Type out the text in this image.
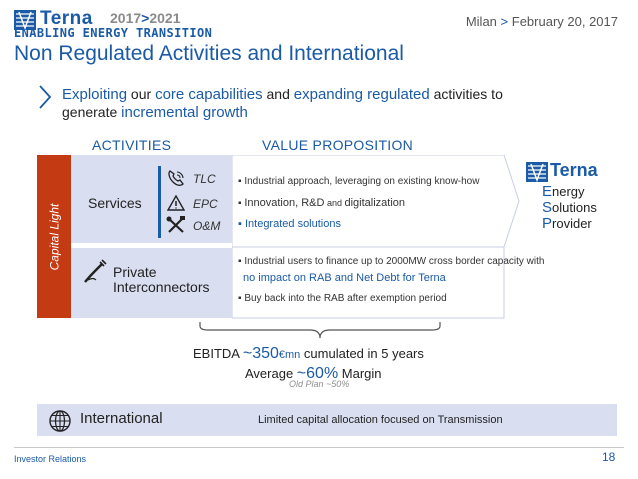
Terna 2017>2021
ENABLING ENERGY TRANSITION
Milan > February 20, 2017
Non Regulated Activities and International
Exploiting our core capabilities and expanding regulated activities to
generate incremental growth
ACTIVITIES	VALUE PROPOSITION
Capital Light
Services
TLC
EPC
O&M
Private
Interconnectors
▪ Industrial approach, leveraging on existing know-how
▪ Innovation, R&D and digitalization
▪ Integrated solutions
▪ Industrial users to finance up to 2000MW cross border capacity with
no impact on RAB and Net Debt for Terna
▪ Buy back into the RAB after exemption period
Terna
Energy
Solutions
Provider
EBITDA ~350€mn cumulated in 5 years
Average ~60% Margin
Old Plan ~50%
International	Limited capital allocation focused on Transmission
Investor Relations	18
